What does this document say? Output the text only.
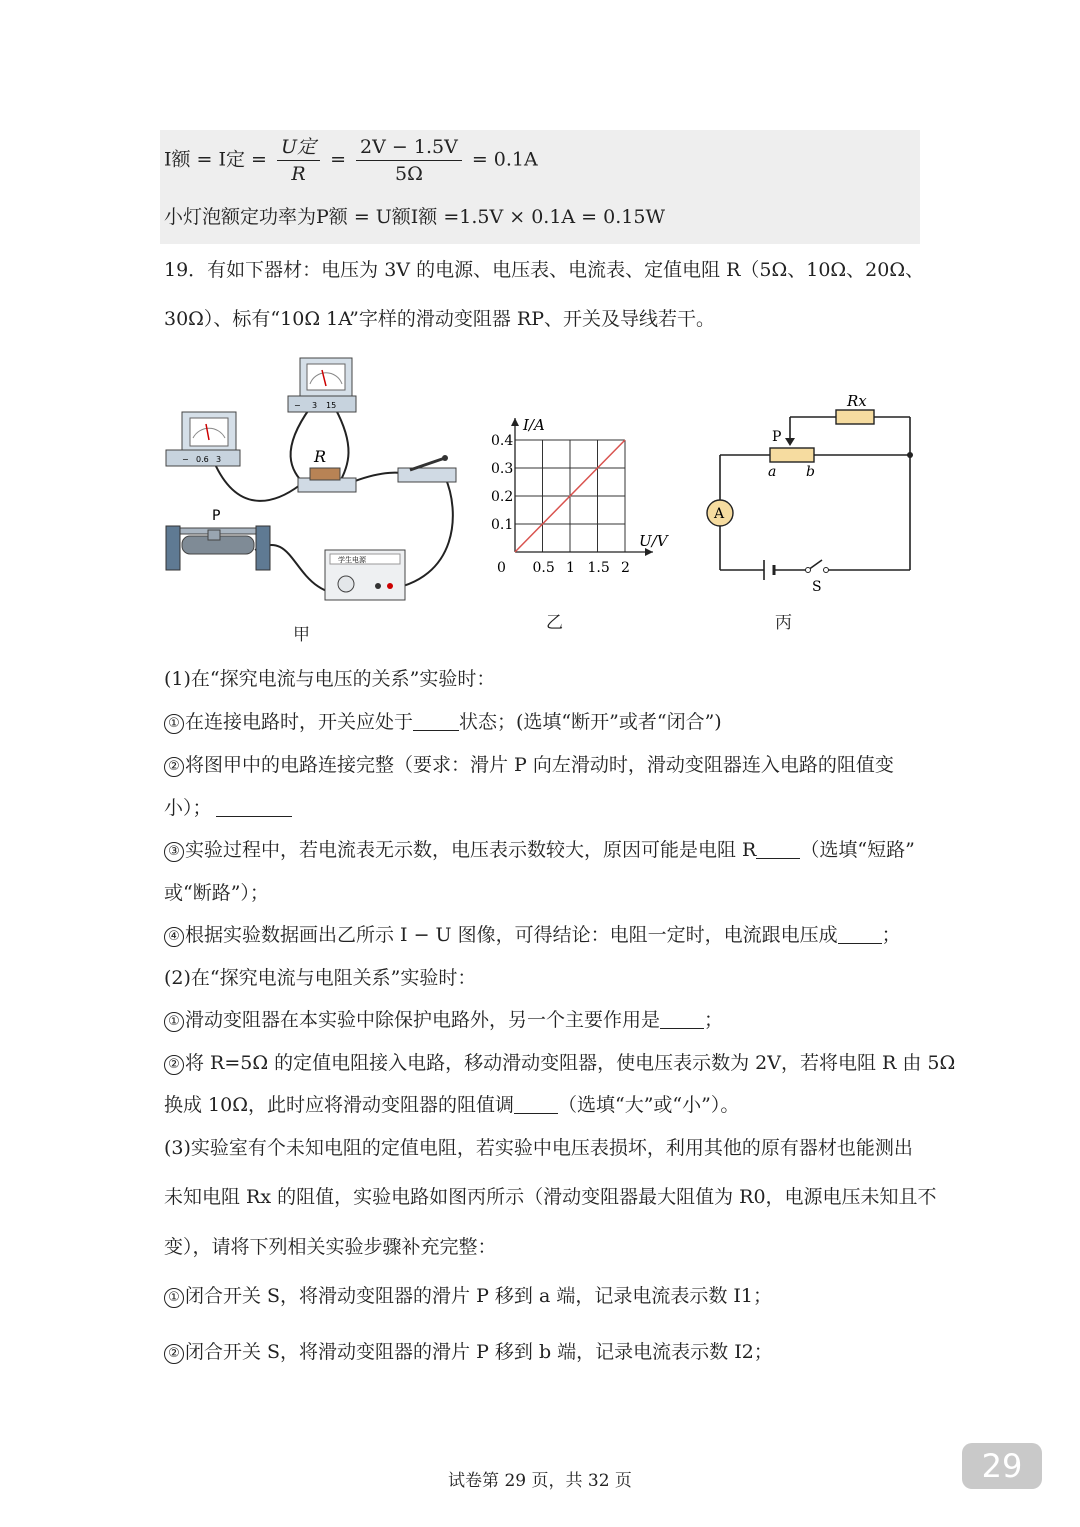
I额 = I定 = $\frac{\text{U定}}{R} = \frac{2V - 1.5V}{5\Omega} = 0.1A$
小灯泡额定功率为P额 = U额I额 =1.5V × 0.1A = 0.15W
19．有如下器材：电压为 3V 的电源、电压表、电流表、定值电阻 R（5Ω、10Ω、20Ω、
30Ω）、标有“10Ω 1A”字样的滑动变阻器 RP、开关及导线若干。
− 0.6 3
− 3 15
R
P
学生电源
甲
0.1
0.2
0.3
0.4
0 0.5 1 1.5 2
I/A
U/V
乙
A
S
Rx
P
a b
丙
(1)在“探究电流与电压的关系”实验时：
① 在连接电路时，开关应处于 状态；(选填“断开”或者“闭合”)
② 将图甲中的电路连接完整（要求：滑片 P 向左滑动时，滑动变阻器连入电路的阻值变
小）；
③ 实验过程中，若电流表无示数，电压表示数较大，原因可能是电阻 R （选填“短路”
或“断路”）；
④ 根据实验数据画出乙所示 I − U 图像，可得结论：电阻一定时，电流跟电压成 ；
(2)在“探究电流与电阻关系”实验时：
① 滑动变阻器在本实验中除保护电路外，另一个主要作用是 ；
② 将 R=5Ω 的定值电阻接入电路，移动滑动变阻器，使电压表示数为 2V，若将电阻 R 由 5Ω
换成 10Ω，此时应将滑动变阻器的阻值调 （选填“大”或“小”）。
(3)实验室有个未知电阻的定值电阻，若实验中电压表损坏，利用其他的原有器材也能测出
未知电阻 Rx 的阻值，实验电路如图丙所示（滑动变阻器最大阻值为 R0，电源电压未知且不
变），请将下列相关实验步骤补充完整：
① 闭合开关 S，将滑动变阻器的滑片 P 移到 a 端，记录电流表示数 I1；
② 闭合开关 S，将滑动变阻器的滑片 P 移到 b 端，记录电流表示数 I2；
试卷第 29 页，共 32 页	29
